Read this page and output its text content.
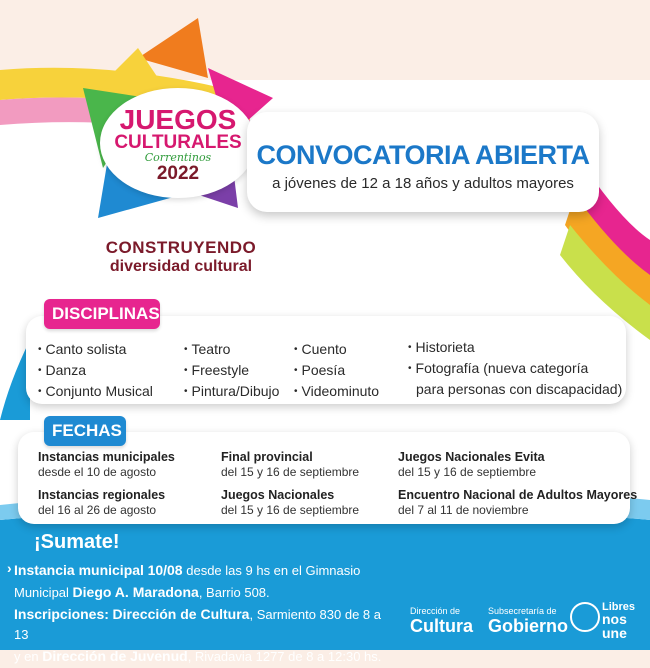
JUEGOS
CULTURALES
Correntinos
2022
CONSTRUYENDO
diversidad cultural
CONVOCATORIA ABIERTA
a jóvenes de 12 a 18 años y adultos mayores
• Canto solista
• Danza
• Conjunto Musical
• Teatro
• Freestyle
• Pintura/Dibujo
• Cuento
• Poesía
• Videominuto
• Historieta
• Fotografía (nueva categoría
para personas con discapacidad)
DISCIPLINAS
Instancias municipales
desde el 10 de agosto
Instancias regionales
del 16 al 26 de agosto
Final provincial
del 15 y 16 de septiembre
Juegos Nacionales
del 15 y 16 de septiembre
Juegos Nacionales Evita
del 15 y 16 de septiembre
Encuentro Nacional de Adultos Mayores
del 7 al 11 de noviembre
FECHAS
¡Sumate!
› Instancia municipal 10/08 desde las 9 hs en el Gimnasio

Municipal Diego A. Maradona, Barrio 508.

Inscripciones: Dirección de Cultura, Sarmiento 830 de 8 a 13

y en Dirección de Juvenud, Rivadavia 1277 de 8 a 12:30 hs.

Dirección de
Cultura
Subsecretaría de
Gobierno
Libres
nos une
